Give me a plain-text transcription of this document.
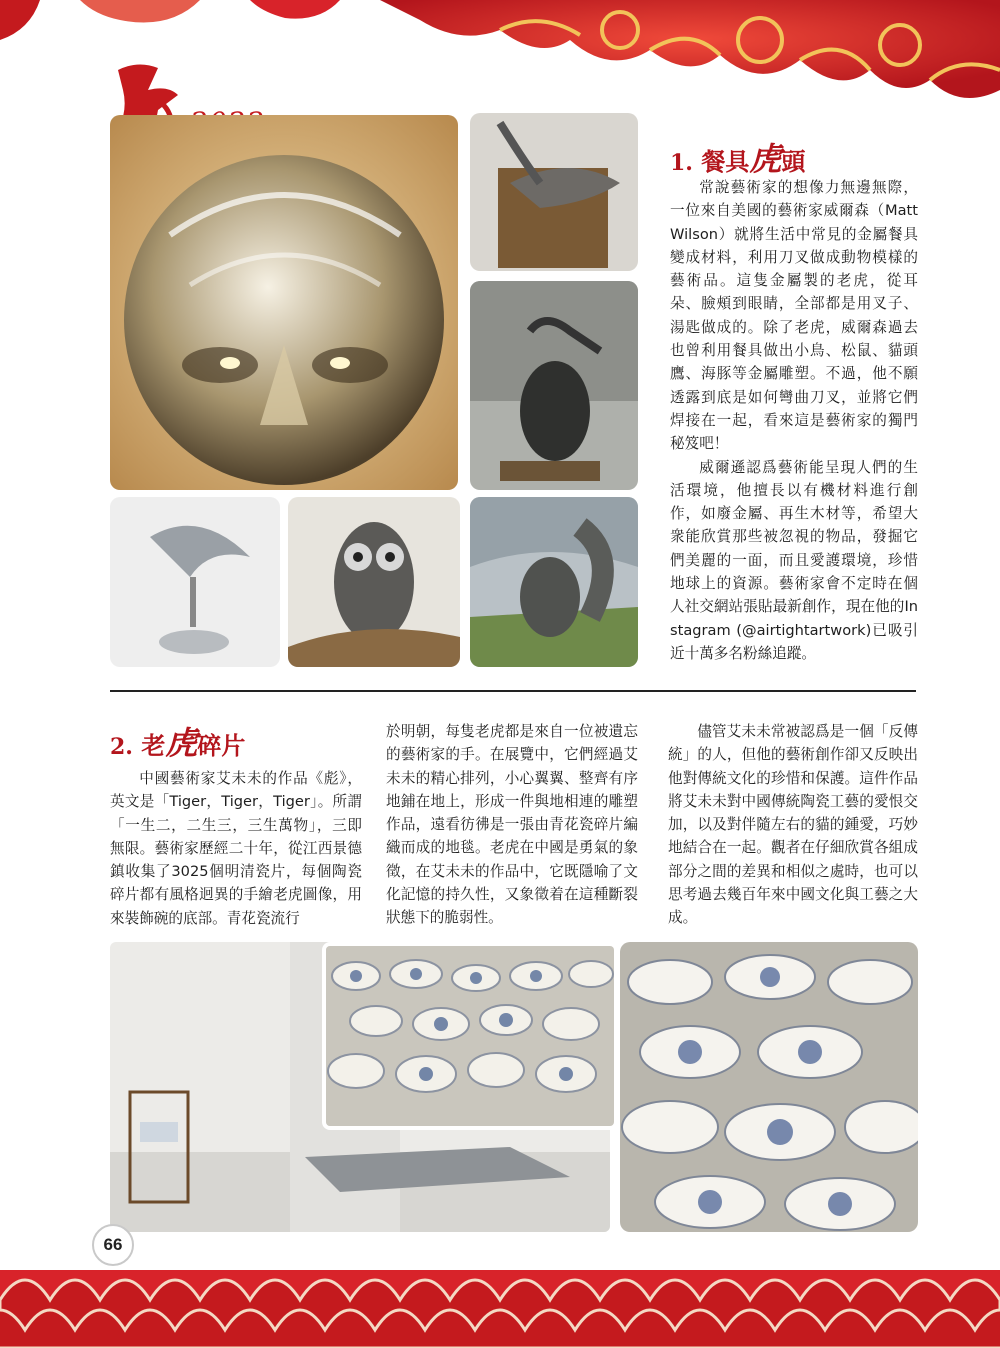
1. 餐具虎頭

常說藝術家的想像力無邊無際，一位來自美國的藝術家威爾森（Matt Wilson）就將生活中常見的金屬餐具變成材料，利用刀叉做成動物模樣的藝術品。這隻金屬製的老虎，從耳朵、臉頰到眼睛，全部都是用叉子、湯匙做成的。除了老虎，威爾森過去也曾利用餐具做出小鳥、松鼠、貓頭鷹、海豚等金屬雕塑。不過，他不願透露到底是如何彎曲刀叉，並將它們焊接在一起，看來這是藝術家的獨門秘笈吧！

威爾遜認爲藝術能呈現人們的生活環境，他擅長以有機材料進行創作，如廢金屬、再生木材等，希望大衆能欣賞那些被忽視的物品，發掘它們美麗的一面，而且愛護環境，珍惜地球上的資源。藝術家會不定時在個人社交網站張貼最新創作，現在他的Instagram (@airtightartwork)已吸引近十萬多名粉絲追蹤。

2. 老虎碎片

中國藝術家艾未未的作品《彪》，英文是「Tiger，Tiger，Tiger」。所謂「一生二，二生三，三生萬物」，三即無限。藝術家歷經二十年，從江西景德鎮收集了3025個明清瓷片，每個陶瓷碎片都有風格迥異的手繪老虎圖像，用來裝飾碗的底部。青花瓷流行

於明朝，每隻老虎都是來自一位被遺忘的藝術家的手。在展覽中，它們經過艾未未的精心排列，小心翼翼、整齊有序地鋪在地上，形成一件與地相連的雕塑作品，遠看彷彿是一張由青花瓷碎片編織而成的地毯。老虎在中國是勇氣的象徵，在艾未未的作品中，它既隱喻了文化記憶的持久性，又象徵着在這種斷裂狀態下的脆弱性。

儘管艾未未常被認爲是一個「反傳統」的人，但他的藝術創作卻又反映出他對傳統文化的珍惜和保護。這件作品將艾未未對中國傳統陶瓷工藝的愛恨交加，以及對伴隨左右的貓的鍾愛，巧妙地結合在一起。觀者在仔細欣賞各組成部分之間的差異和相似之處時，也可以思考過去幾百年來中國文化與工藝之大成。

66
